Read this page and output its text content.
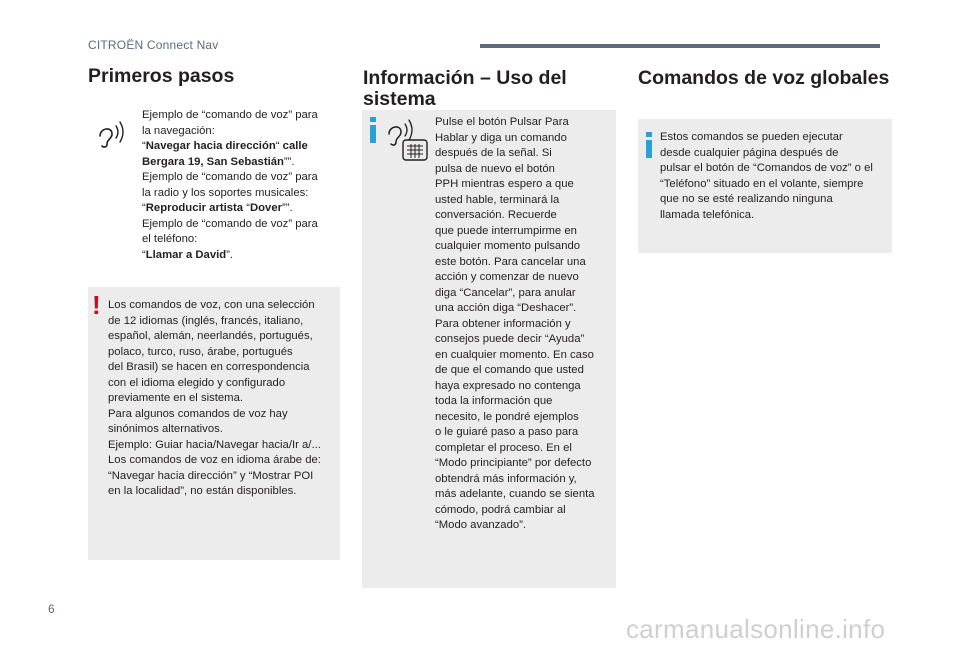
CITROËN Connect Nav
Primeros pasos

Ejemplo de “comando de voz” para

la navegación:

“Navegar hacia dirección“ calle

Bergara 19, San Sebastián””.

Ejemplo de “comando de voz” para

la radio y los soportes musicales:

“Reproducir artista “Dover””.

Ejemplo de “comando de voz” para

el teléfono:

“Llamar a David”.

! Los comandos de voz, con una selección

de 12 idiomas (inglés, francés, italiano,

español, alemán, neerlandés, portugués,

polaco, turco, ruso, árabe, portugués

del Brasil) se hacen en correspondencia

con el idioma elegido y configurado

previamente en el sistema.

Para algunos comandos de voz hay

sinónimos alternativos.

Ejemplo: Guiar hacia/Navegar hacia/Ir a/...

Los comandos de voz en idioma árabe de:

“Navegar hacia dirección” y “Mostrar POI

en la localidad”, no están disponibles.

Información – Uso del sistema

Pulse el botón Pulsar Para

Hablar y diga un comando

después de la señal. Si

pulsa de nuevo el botón

PPH mientras espero a que

usted hable, terminará la

conversación. Recuerde

que puede interrumpirme en

cualquier momento pulsando

este botón. Para cancelar una

acción y comenzar de nuevo

diga “Cancelar”, para anular

una acción diga “Deshacer”.

Para obtener información y

consejos puede decir “Ayuda”

en cualquier momento. En caso

de que el comando que usted

haya expresado no contenga

toda la información que

necesito, le pondré ejemplos

o le guiaré paso a paso para

completar el proceso. En el

“Modo principiante” por defecto

obtendrá más información y,

más adelante, cuando se sienta

cómodo, podrá cambiar al

“Modo avanzado”.

Comandos de voz globales

Estos comandos se pueden ejecutar

desde cualquier página después de

pulsar el botón de “Comandos de voz” o el

“Teléfono” situado en el volante, siempre

que no se esté realizando ninguna

llamada telefónica.

6
carmanualsonline.info
